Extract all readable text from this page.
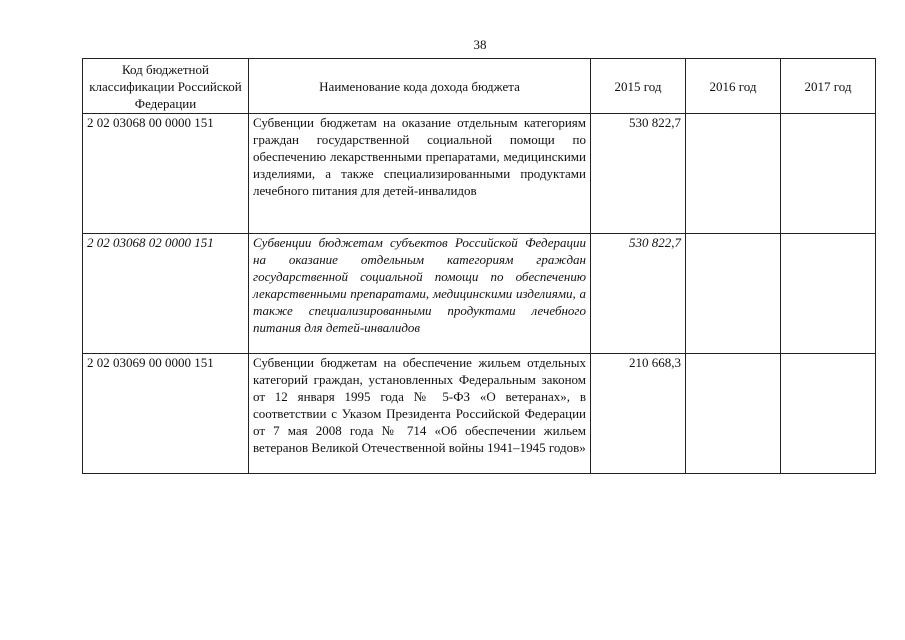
38
Код бюджетной классификации Российской Федерации	Наименование кода дохода бюджета	2015 год	2016 год	2017 год
2 02 03068 00 0000 151	Субвенции бюджетам на оказание отдельным категориям граждан государственной социальной помощи по обеспечению лекарственными препаратами, медицинскими изделиями, а также специализированными продуктами лечебного питания для детей-инвалидов	530 822,7		
2 02 03068 02 0000 151	Субвенции бюджетам субъектов Российской Федерации на оказание отдельным категориям граждан государственной социальной помощи по обеспечению лекарственными препаратами, медицинскими изделиями, а также специализированными продуктами лечебного питания для детей-инвалидов	530 822,7		
2 02 03069 00 0000 151	Субвенции бюджетам на обеспечение жильем отдельных категорий граждан, установленных Федеральным законом от 12 января 1995 года № 5-ФЗ «О ветеранах», в соответствии с Указом Президента Российской Федерации от 7 мая 2008 года № 714 «Об обеспечении жильем ветеранов Великой Отечественной войны 1941–1945 годов»	210 668,3		
